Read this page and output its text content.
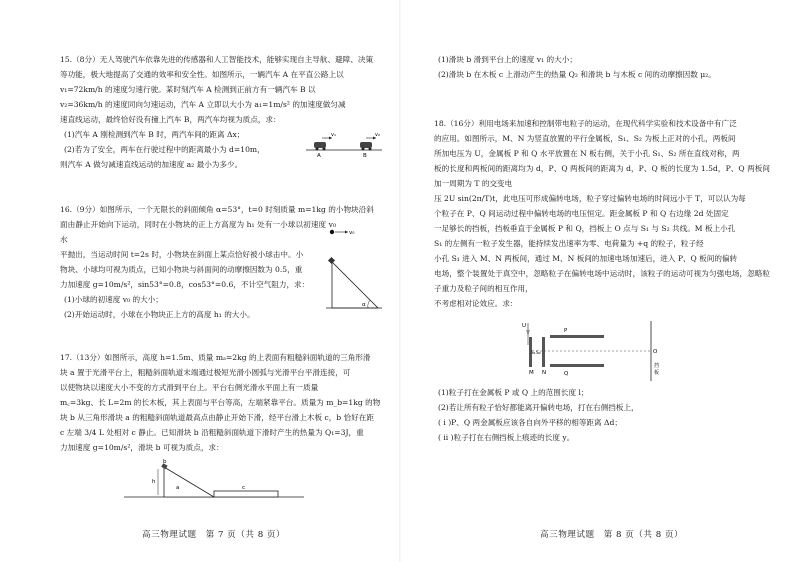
15.（8分）无人驾驶汽车依靠先进的传感器和人工智能技术，能够实现自主导航、避障、决策

等功能，极大地提高了交通的效率和安全性。如图所示，一辆汽车 A 在平直公路上以

v₁=72km/h 的速度匀速行驶。某时刻汽车 A 检测到正前方有一辆汽车 B 以

v₂=36km/h 的速度同向匀速运动，汽车 A 立即以大小为 a₁=1m/s² 的加速度做匀减

速直线运动，最终恰好没有撞上汽车 B，两汽车均视为质点，求：

(1)汽车 A 刚检测到汽车 B 时，两汽车间的距离 Δx；

(2)若为了安全，两车在行驶过程中的距离最小为 d=10m，

则汽车 A 做匀减速直线运动的加速度 a₂ 最小为多少。

v₁	v₂
A	B

16.（9分）如图所示，一个无限长的斜面倾角 α=53°，t=0 时刻质量 m=1kg 的小物块沿斜

面由静止开始向下运动，同时在小物块的正上方高度为 h₁ 处有一小球以初速度 v₀ 水

平抛出，当运动时间 t=2s 时，小物块在斜面上某点恰好被小球击中。小

物块、小球均可视为质点，已知小物块与斜面间的动摩擦因数为 0.5，重

力加速度 g=10m/s²，sin53°=0.8，cos53°=0.6，不计空气阻力，求：

(1)小球的初速度 v₀ 的大小；

(2)开始运动时，小球在小物块正上方的高度 h₁ 的大小。

v₀
α

17.（13分）如图所示，高度 h=1.5m、质量 mₐ=2kg 的上表面有粗糙斜面轨道的三角形滑

块 a 置于光滑平台上，粗糙斜面轨道末端通过极短光滑小圆弧与光滑平台平滑连接，可

以使物块以速度大小不变的方式滑到平台上。平台右侧光滑水平面上有一质量

m꜀=3kg、长 L=2m 的长木板，其上表面与平台等高，左端紧靠平台。质量为 m_b=1kg 的物

块 b 从三角形滑块 a 的粗糙斜面轨道最高点由静止开始下滑，经平台滑上木板 c，b 恰好在距

c 左端 3/4 L 处相对 c 静止。已知滑块 b 沿粗糙斜面轨道下滑时产生的热量为 Q₁=3J，重

力加速度 g=10m/s²，滑块 b 可视为质点，求：

b
a
h
c
高三物理试题　第 7 页（共 8 页）

(1)滑块 b 滑到平台上的速度 v₁ 的大小；

(2)滑块 b 在木板 c 上滑动产生的热量 Q₂ 和滑块 b 与木板 c 间的动摩擦因数 μ₂。

18.（16分）利用电场来加速和控制带电粒子的运动，在现代科学实验和技术设备中有广泛

的应用。如图所示，M、N 为竖直放置的平行金属板，S₁、S₂ 为板上正对的小孔，两板间

所加电压为 U，金属板 P 和 Q 水平放置在 N 板右侧，关于小孔 S₁、S₂ 所在直线对称，两

板的长度和两板间的距离均为 d，P、Q 两板间的距离为 d，P、Q 板的长度为 1.5d，P、Q 两板间加一周期为 T 的交变电

压 2U sin(2π/T)t，此电压可形成偏转电场，粒子穿过偏转电场的时间远小于 T，可以认为每

个粒子在 P、Q 间运动过程中偏转电场的电压恒定。距金属板 P 和 Q 右边缘 2d 处固定

一足够长的挡板，挡板垂直于金属板 P 和 Q，挡板上 O 点与 S₁ 与 S₂ 共线。M 板上小孔

S₁ 的左侧有一粒子发生器，能持续发出速率为零、电荷量为 +q 的粒子，粒子经

小孔 S₁ 进入 M、N 两板间，通过 M、N 板间的加速电场加速后，进入 P、Q 板间的偏转

电场，整个装置处于真空中，忽略粒子在偏转电场中运动时，该粒子的运动可视为匀强电场，忽略粒子重力及粒子间的相互作用，

不考虑相对论效应。求：

U
S₁ S₂
M N
P
Q
O
挡
板

(1)粒子打在金属板 P 或 Q 上的范围长度 l；

(2)若让所有粒子恰好都能离开偏转电场，打在右侧挡板上，

( i )P、Q 两金属板应该各自向外平移的相等距离 Δd；

( ii )粒子打在右侧挡板上痕迹的长度 y。

高三物理试题　第 8 页（共 8 页）
